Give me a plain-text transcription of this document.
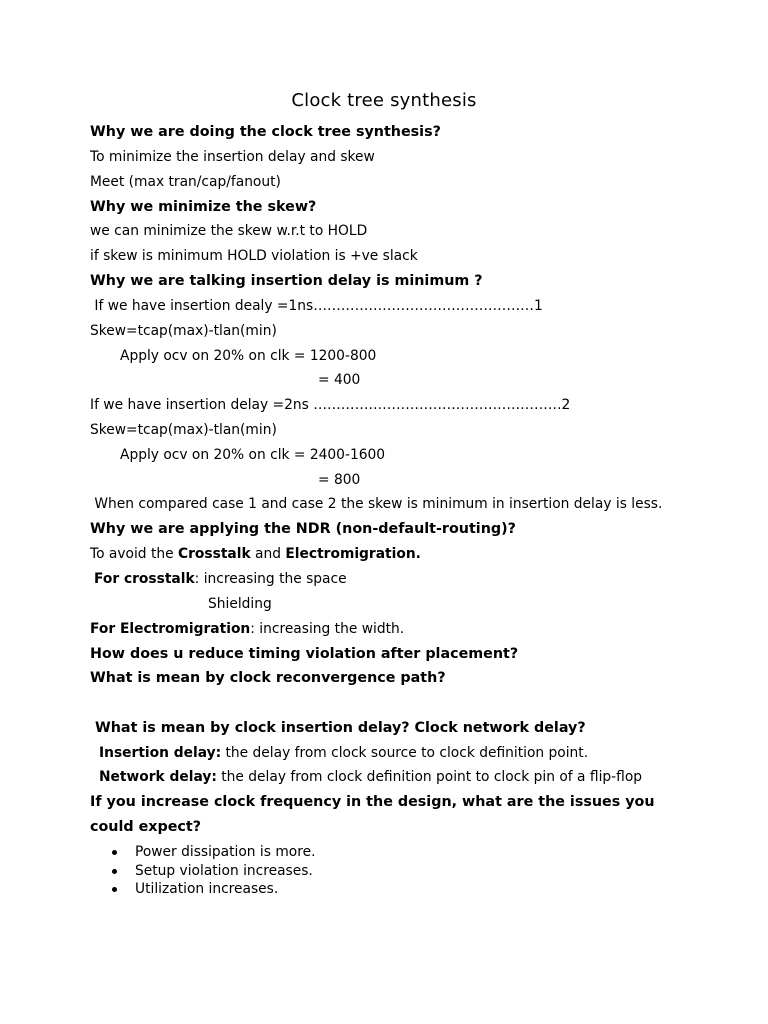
Clock tree synthesis
Why we are doing the clock tree synthesis?
To minimize the insertion delay and skew
Meet (max tran/cap/fanout)
Why we minimize the skew?
we can minimize the skew w.r.t to HOLD
if skew is minimum HOLD violation is +ve slack
Why we are talking insertion delay is minimum ?
If we have insertion dealy =1ns…………………………………………1
Skew=tcap(max)-tlan(min)
Apply ocv on 20% on clk = 1200-800
= 400
If we have insertion delay =2ns ………………………………………………2
Skew=tcap(max)-tlan(min)
Apply ocv on 20% on clk = 2400-1600
= 800
When compared case 1 and case 2 the skew is minimum in insertion delay is less.
Why we are applying the NDR (non-default-routing)?
To avoid the Crosstalk and Electromigration.
For crosstalk: increasing the space
Shielding
For Electromigration: increasing the width.
How does u reduce timing violation after placement?
What is mean by clock reconvergence path?
What is mean by clock insertion delay? Clock network delay?
Insertion delay: the delay from clock source to clock definition point.
Network delay: the delay from clock definition point to clock pin of a flip-flop
If you increase clock frequency in the design, what are the issues you
could expect?
Power dissipation is more.
Setup violation increases.
Utilization increases.
